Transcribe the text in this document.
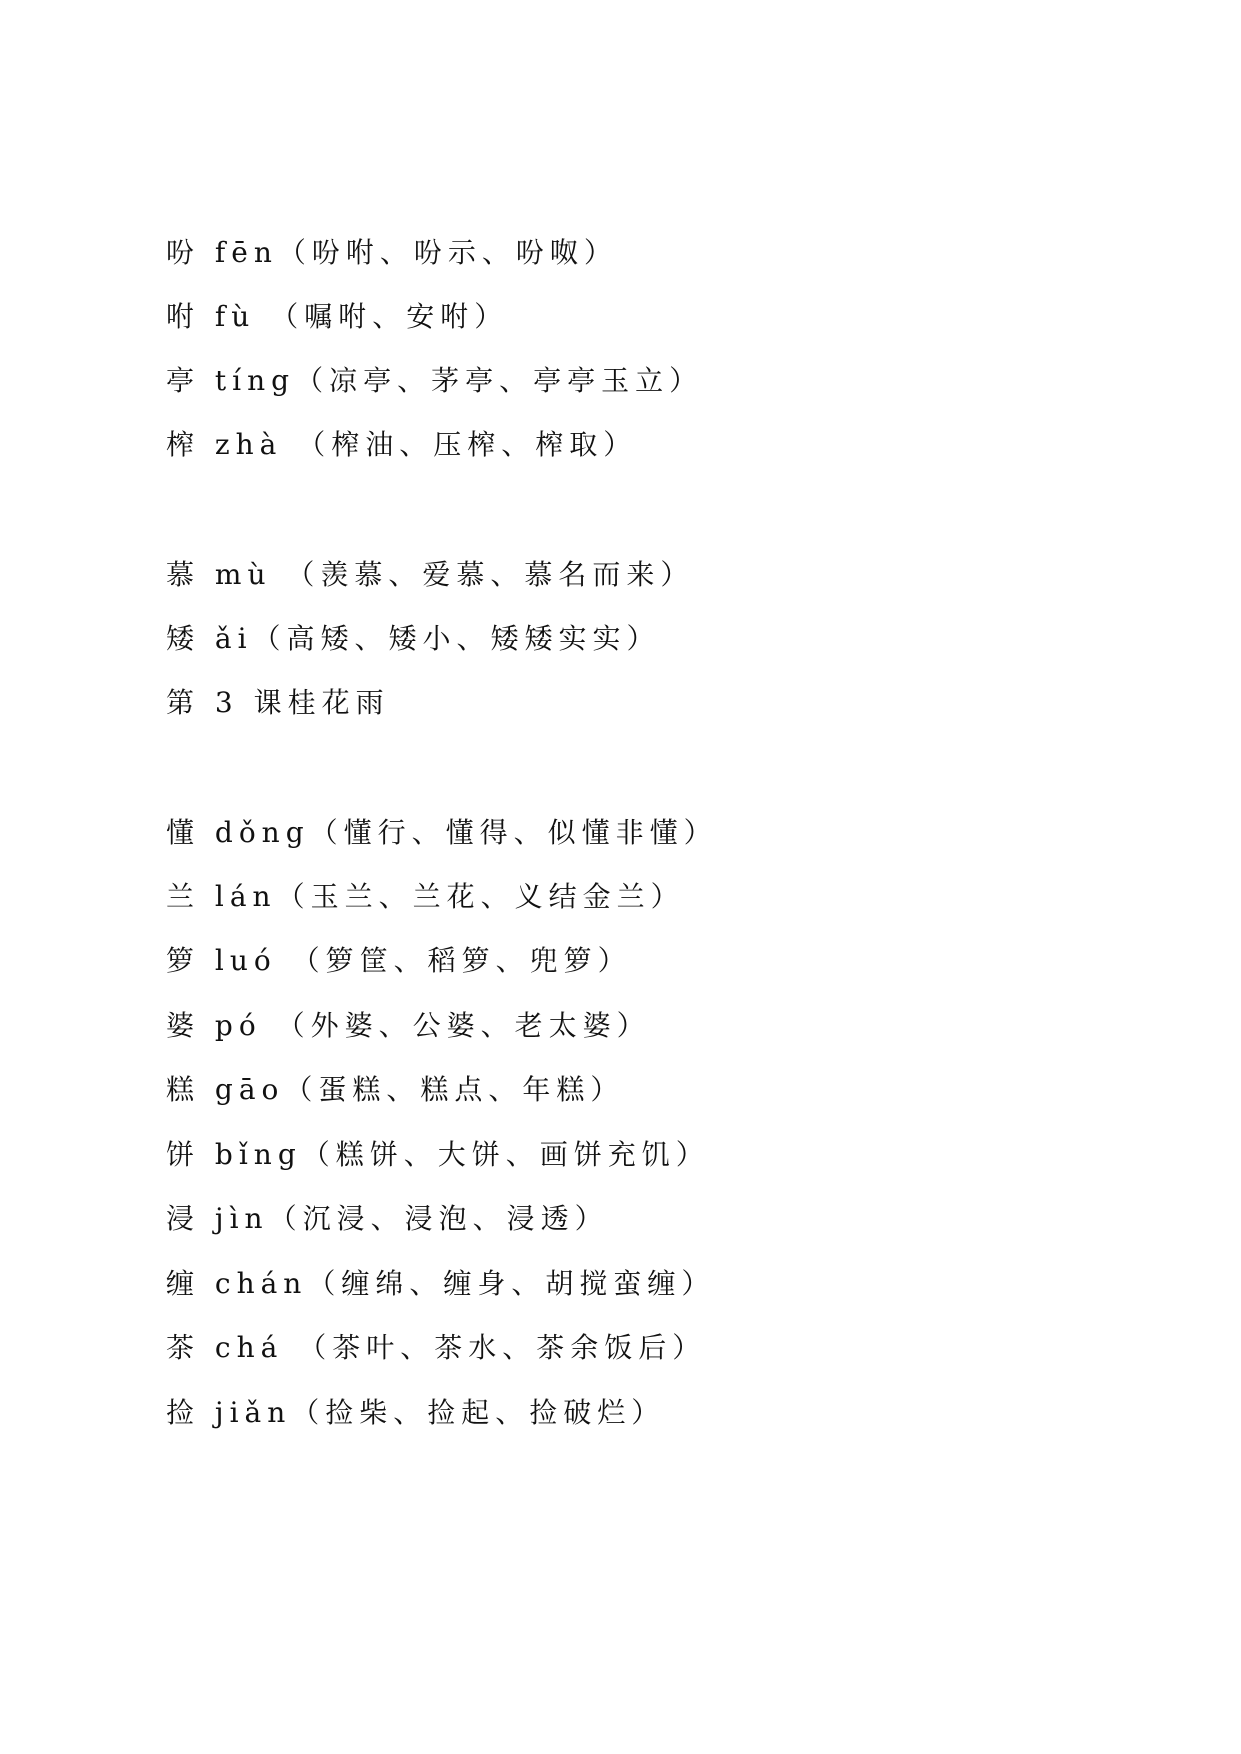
吩 fēn（吩咐、吩示、吩呶）
咐 fù （嘱咐、安咐）
亭 tíng（凉亭、茅亭、亭亭玉立）
榨 zhà （榨油、压榨、榨取）
慕 mù （羡慕、爱慕、慕名而来）
矮 ǎi（高矮、矮小、矮矮实实）
第 3 课桂花雨
懂 dǒng（懂行、懂得、似懂非懂）
兰 lán（玉兰、兰花、义结金兰）
箩 luó （箩筐、稻箩、兜箩）
婆 pó （外婆、公婆、老太婆）
糕 gāo（蛋糕、糕点、年糕）
饼 bǐng（糕饼、大饼、画饼充饥）
浸 jìn（沉浸、浸泡、浸透）
缠 chán（缠绵、缠身、胡搅蛮缠）
茶 chá （茶叶、茶水、茶余饭后）
捡 jiǎn（捡柴、捡起、捡破烂）
